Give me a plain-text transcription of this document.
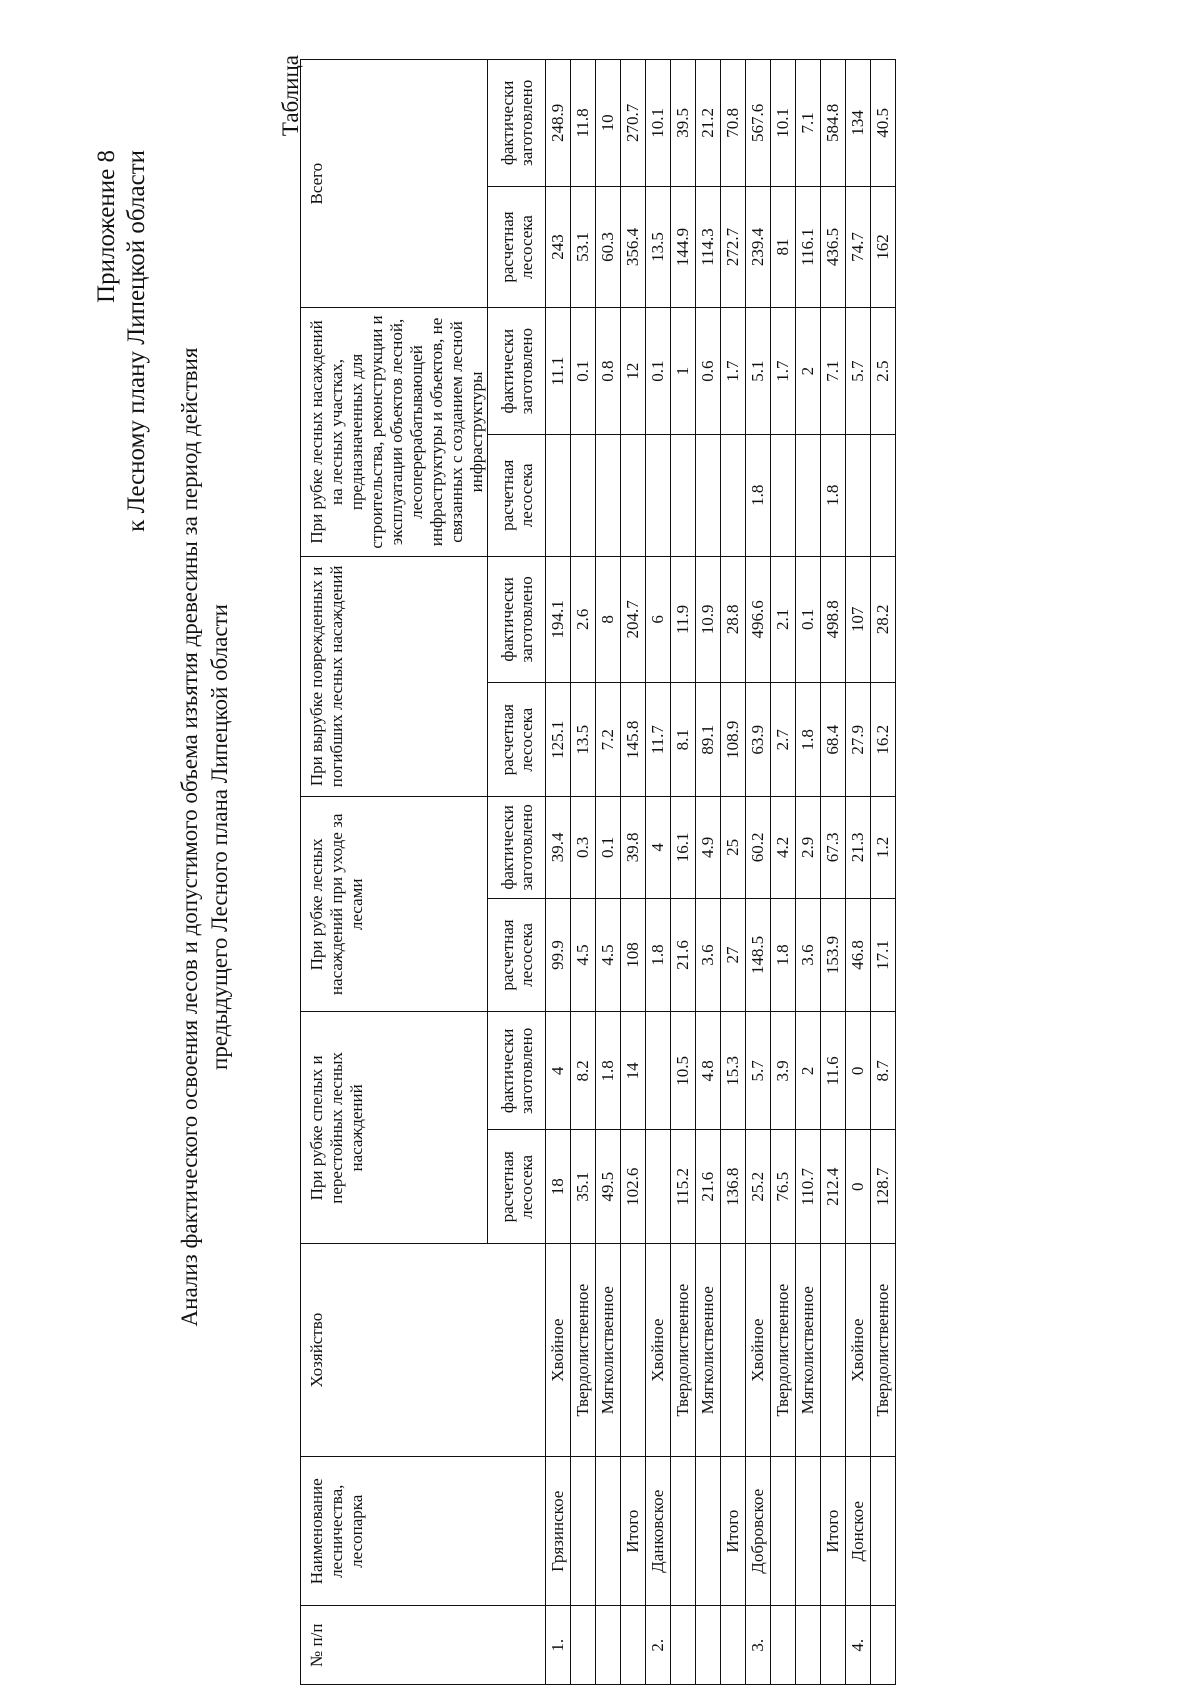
Приложение 8 к Лесному плану Липецкой области
Анализ фактического освоения лесов и допустимого объема изъятия древесины за период действия предыдущего Лесного плана Липецкой области
Таблица
№ п/п	Наименование лесничества, лесопарка	Хозяйство	При рубке спелых и перестойных лесных насаждений		При рубке лесных насаждений при уходе за лесами		При вырубке поврежденных и погибших лесных насаждений		При рубке лесных насаждений на лесных участках, предназначенных для строительства, реконструкции и эксплуатации объектов лесной, лесоперерабатывающей инфраструктуры и объектов, не связанных с созданием лесной инфраструктуры		Всего	
			расчетная лесосека	фактически заготовлено	расчетная лесосека	фактически заготовлено	расчетная лесосека	фактически заготовлено	расчетная лесосека	фактически заготовлено	расчетная лесосека	фактически заготовлено
1.	Грязинское	Хвойное	18	4	99.9	39.4	125.1	194.1		11.1	243	248.9
		Твердолиственное	35.1	8.2	4.5	0.3	13.5	2.6		0.1	53.1	11.8
		Мягколиственное	49.5	1.8	4.5	0.1	7.2	8		0.8	60.3	10
	Итого		102.6	14	108	39.8	145.8	204.7		12	356.4	270.7
2.	Данковское	Хвойное			1.8	4	11.7	6		0.1	13.5	10.1
		Твердолиственное	115.2	10.5	21.6	16.1	8.1	11.9		1	144.9	39.5
		Мягколиственное	21.6	4.8	3.6	4.9	89.1	10.9		0.6	114.3	21.2
	Итого		136.8	15.3	27	25	108.9	28.8		1.7	272.7	70.8
3.	Добровское	Хвойное	25.2	5.7	148.5	60.2	63.9	496.6	1.8	5.1	239.4	567.6
		Твердолиственное	76.5	3.9	1.8	4.2	2.7	2.1		1.7	81	10.1
		Мягколиственное	110.7	2	3.6	2.9	1.8	0.1		2	116.1	7.1
	Итого		212.4	11.6	153.9	67.3	68.4	498.8	1.8	7.1	436.5	584.8
4.	Донское	Хвойное	0	0	46.8	21.3	27.9	107		5.7	74.7	134
		Твердолиственное	128.7	8.7	17.1	1.2	16.2	28.2		2.5	162	40.5
